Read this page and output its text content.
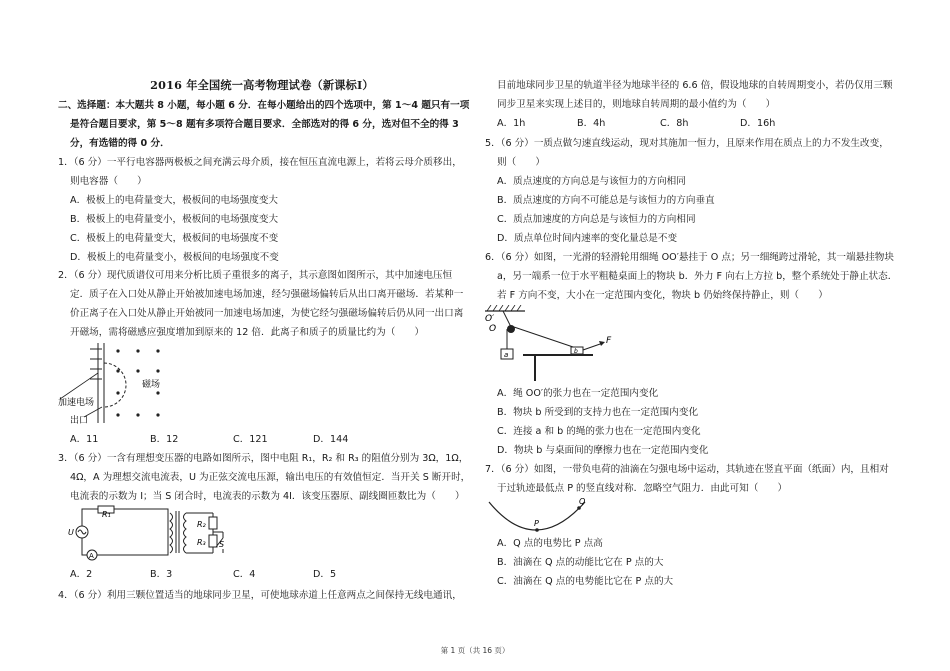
2016 年全国统一高考物理试卷（新课标Ⅰ）
二、选择题：本大题共 8 小题，每小题 6 分．在每小题给出的四个选项中，第 1～4 题只有一项
是符合题目要求，第 5～8 题有多项符合题目要求．全部选对的得 6 分，选对但不全的得 3
分，有选错的得 0 分．
1．（6 分）一平行电容器两极板之间充满云母介质，接在恒压直流电源上，若将云母介质移出，
则电容器（　　）
A．极板上的电荷量变大，极板间的电场强度变大
B．极板上的电荷量变小，极板间的电场强度变大
C．极板上的电荷量变大，极板间的电场强度不变
D．极板上的电荷量变小，极板间的电场强度不变
2．（6 分）现代质谱仪可用来分析比质子重很多的离子，其示意图如图所示，其中加速电压恒
定．质子在入口处从静止开始被加速电场加速，经匀强磁场偏转后从出口离开磁场．若某种一
价正离子在入口处从静止开始被同一加速电场加速，为使它经匀强磁场偏转后仍从同一出口离
开磁场，需将磁感应强度增加到原来的 12 倍．此离子和质子的质量比约为（　　）
磁场
加速电场
出口
A．11	B．12	C．121	D．144
3．（6 分）一含有理想变压器的电路如图所示，图中电阻 R₁，R₂ 和 R₃ 的阻值分别为 3Ω，1Ω，
4Ω，A 为理想交流电流表，U 为正弦交流电压源，输出电压的有效值恒定．当开关 S 断开时，
电流表的示数为 I；当 S 闭合时，电流表的示数为 4I．该变压器原、副线圈匝数比为（　　）
R₁
R₂
R₃
U
A
S
A．2	B．3	C．4	D．5
4．（6 分）利用三颗位置适当的地球同步卫星，可使地球赤道上任意两点之间保持无线电通讯，
目前地球同步卫星的轨道半径为地球半径的 6.6 倍，假设地球的自转周期变小，若仍仅用三颗
同步卫星来实现上述目的，则地球自转周期的最小值约为（　　）
A．1h	B．4h	C．8h	D．16h
5．（6 分）一质点做匀速直线运动，现对其施加一恒力，且原来作用在质点上的力不发生改变，
则（　　）
A．质点速度的方向总是与该恒力的方向相同
B．质点速度的方向不可能总是与该恒力的方向垂直
C．质点加速度的方向总是与该恒力的方向相同
D．质点单位时间内速率的变化量总是不变
6．（6 分）如图，一光滑的轻滑轮用细绳 OO′悬挂于 O 点；另一细绳跨过滑轮，其一端悬挂物块
a，另一端系一位于水平粗糙桌面上的物块 b．外力 F 向右上方拉 b，整个系统处于静止状态．
若 F 方向不变，大小在一定范围内变化，物块 b 仍始终保持静止，则（　　）
O
O′
a	b
F
A．绳 OO′的张力也在一定范围内变化
B．物块 b 所受到的支持力也在一定范围内变化
C．连接 a 和 b 的绳的张力也在一定范围内变化
D．物块 b 与桌面间的摩擦力也在一定范围内变化
7．（6 分）如图，一带负电荷的油滴在匀强电场中运动，其轨迹在竖直平面（纸面）内，且相对
于过轨迹最低点 P 的竖直线对称．忽略空气阻力．由此可知（　　）
P
Q
A．Q 点的电势比 P 点高
B．油滴在 Q 点的动能比它在 P 点的大
C．油滴在 Q 点的电势能比它在 P 点的大
第 1 页（共 16 页）
